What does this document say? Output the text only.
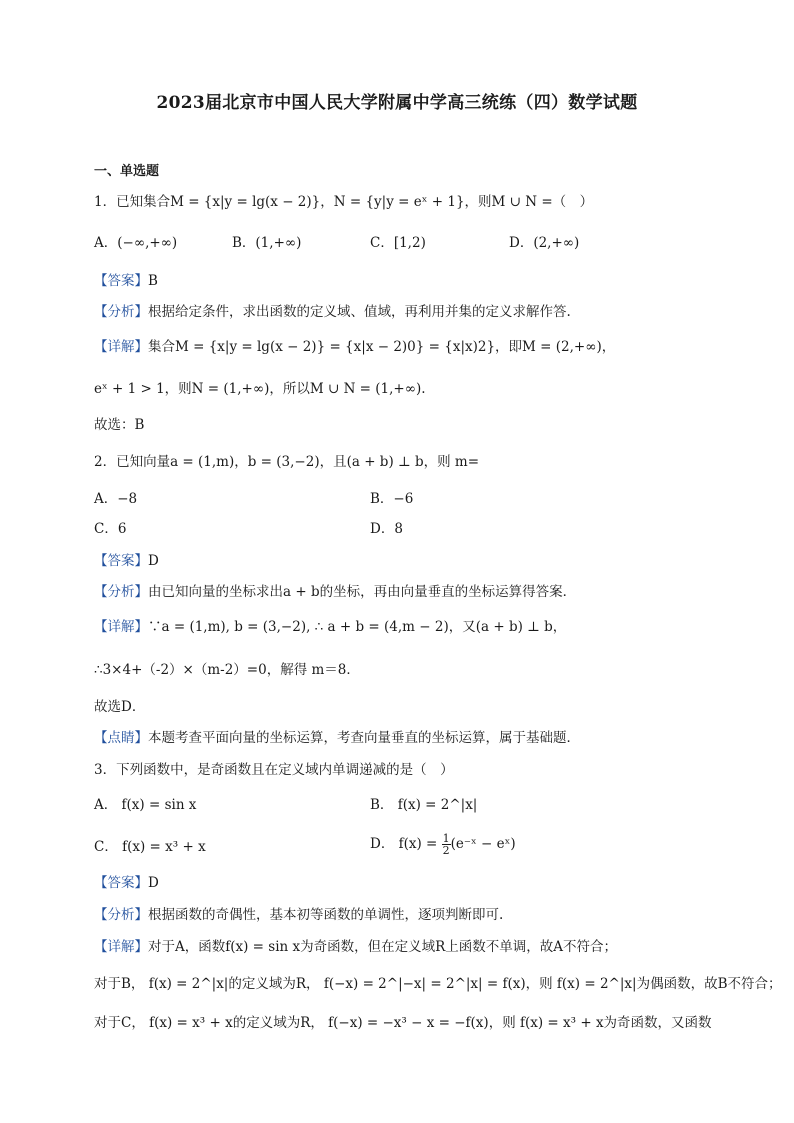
2023届北京市中国人民大学附属中学高三统练（四）数学试题
一、单选题
1．已知集合M = {x|y = lg(x − 2)}，N = {y|y = eˣ + 1}，则M ∪ N =（　）
A．(−∞,+∞)	B．(1,+∞)	C．[1,2)	D．(2,+∞)
【答案】B
【分析】根据给定条件，求出函数的定义域、值域，再利用并集的定义求解作答.
【详解】集合M = {x|y = lg(x − 2)} = {x|x − 2)0} = {x|x)2}，即M = (2,+∞)，
eˣ + 1 > 1，则N = (1,+∞)，所以M ∪ N = (1,+∞).
故选：B
2．已知向量a = (1,m)，b = (3,−2)，且(a + b) ⊥ b，则 m=
A．−8	B．−6
C．6	D．8
【答案】D
【分析】由已知向量的坐标求出a + b的坐标，再由向量垂直的坐标运算得答案．
【详解】∵a = (1,m), b = (3,−2), ∴ a + b = (4,m − 2)，又(a + b) ⊥ b，
∴3×4+（-2）×（m-2）=0，解得 m＝8．
故选D．
【点睛】本题考查平面向量的坐标运算，考查向量垂直的坐标运算，属于基础题．
3．下列函数中，是奇函数且在定义域内单调递减的是（　）
A． f(x) = sin x	B． f(x) = 2^|x|
C． f(x) = x³ + x	D． $f(x) = \frac{1}{2}$ (e⁻ˣ − eˣ)
【答案】D
【分析】根据函数的奇偶性，基本初等函数的单调性，逐项判断即可.
【详解】对于A，函数f(x) = sin x为奇函数，但在定义域R上函数不单调，故A不符合；
对于B， f(x) = 2^|x|的定义域为R， f(−x) = 2^|−x| = 2^|x| = f(x)，则 f(x) = 2^|x|为偶函数，故B不符合；
对于C， f(x) = x³ + x的定义域为R， f(−x) = −x³ − x = −f(x)，则 f(x) = x³ + x为奇函数，又函数
